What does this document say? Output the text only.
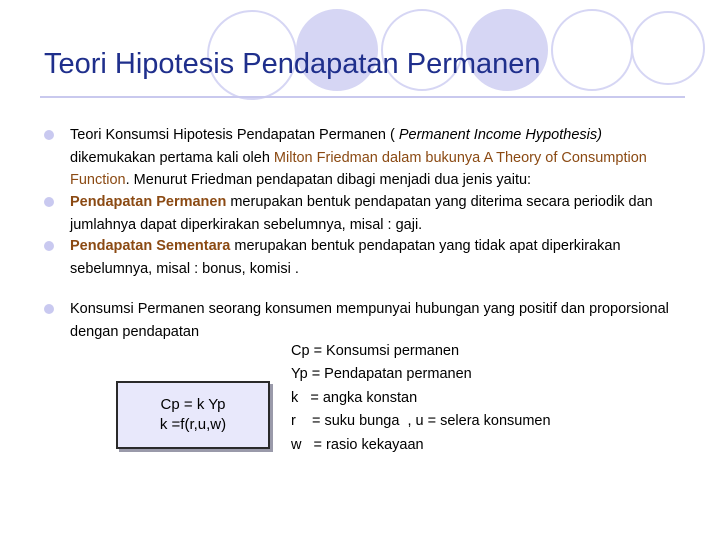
Teori Hipotesis Pendapatan Permanen
Teori Konsumsi Hipotesis Pendapatan Permanen ( Permanent Income Hypothesis) dikemukakan pertama kali oleh Milton Friedman dalam bukunya A Theory of Consumption Function. Menurut Friedman pendapatan dibagi menjadi dua jenis yaitu:
Pendapatan Permanen merupakan bentuk pendapatan yang diterima secara periodik dan jumlahnya dapat diperkirakan sebelumnya, misal : gaji.
Pendapatan Sementara merupakan bentuk pendapatan yang tidak apat diperkirakan sebelumnya, misal : bonus, komisi .
Konsumsi Permanen seorang konsumen mempunyai hubungan yang positif dan proporsional dengan pendapatan
Cp = k Yp
k =f(r,u,w)
Cp = Konsumsi permanen
Yp = Pendapatan permanen
k   = angka konstan
r    = suku bunga  , u = selera konsumen
w   = rasio kekayaan
